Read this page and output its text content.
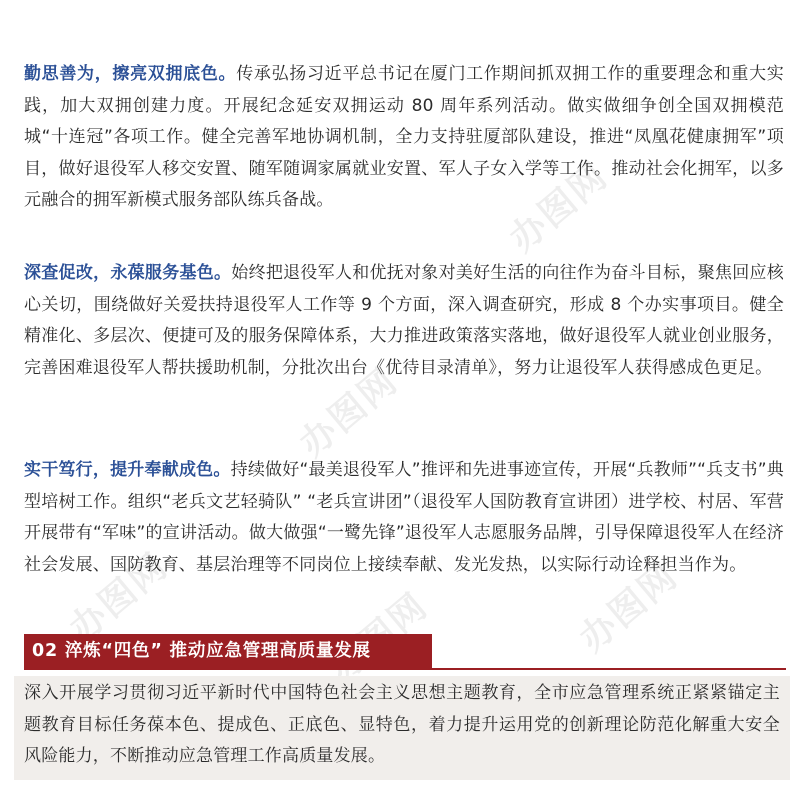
办图网
办图网
办图网
办图网

勤思善为，擦亮双拥底色。传承弘扬习近平总书记在厦门工作期间抓双拥工作的重要理念和重大实践，加大双拥创建力度。开展纪念延安双拥运动 80 周年系列活动。做实做细争创全国双拥模范城“十连冠”各项工作。健全完善军地协调机制，全力支持驻厦部队建设，推进“凤凰花健康拥军”项目，做好退役军人移交安置、随军随调家属就业安置、军人子女入学等工作。推动社会化拥军，以多元融合的拥军新模式服务部队练兵备战。

深查促改，永葆服务基色。始终把退役军人和优抚对象对美好生活的向往作为奋斗目标，聚焦回应核心关切，围绕做好关爱扶持退役军人工作等 9 个方面，深入调查研究，形成 8 个办实事项目。健全精准化、多层次、便捷可及的服务保障体系，大力推进政策落实落地，做好退役军人就业创业服务，完善困难退役军人帮扶援助机制，分批次出台《优待目录清单》，努力让退役军人获得感成色更足。

实干笃行，提升奉献成色。持续做好“最美退役军人”推评和先进事迹宣传，开展“兵教师”“兵支书”典型培树工作。组织“老兵文艺轻骑队” “老兵宣讲团”（退役军人国防教育宣讲团）进学校、村居、军营开展带有“军味”的宣讲活动。做大做强“一鹭先锋”退役军人志愿服务品牌，引导保障退役军人在经济社会发展、国防教育、基层治理等不同岗位上接续奉献、发光发热，以实际行动诠释担当作为。

02 淬炼“四色” 推动应急管理高质量发展
深入开展学习贯彻习近平新时代中国特色社会主义思想主题教育，全市应急管理系统正紧紧锚定主题教育目标任务葆本色、提成色、正底色、显特色，着力提升运用党的创新理论防范化解重大安全风险能力，不断推动应急管理工作高质量发展。
